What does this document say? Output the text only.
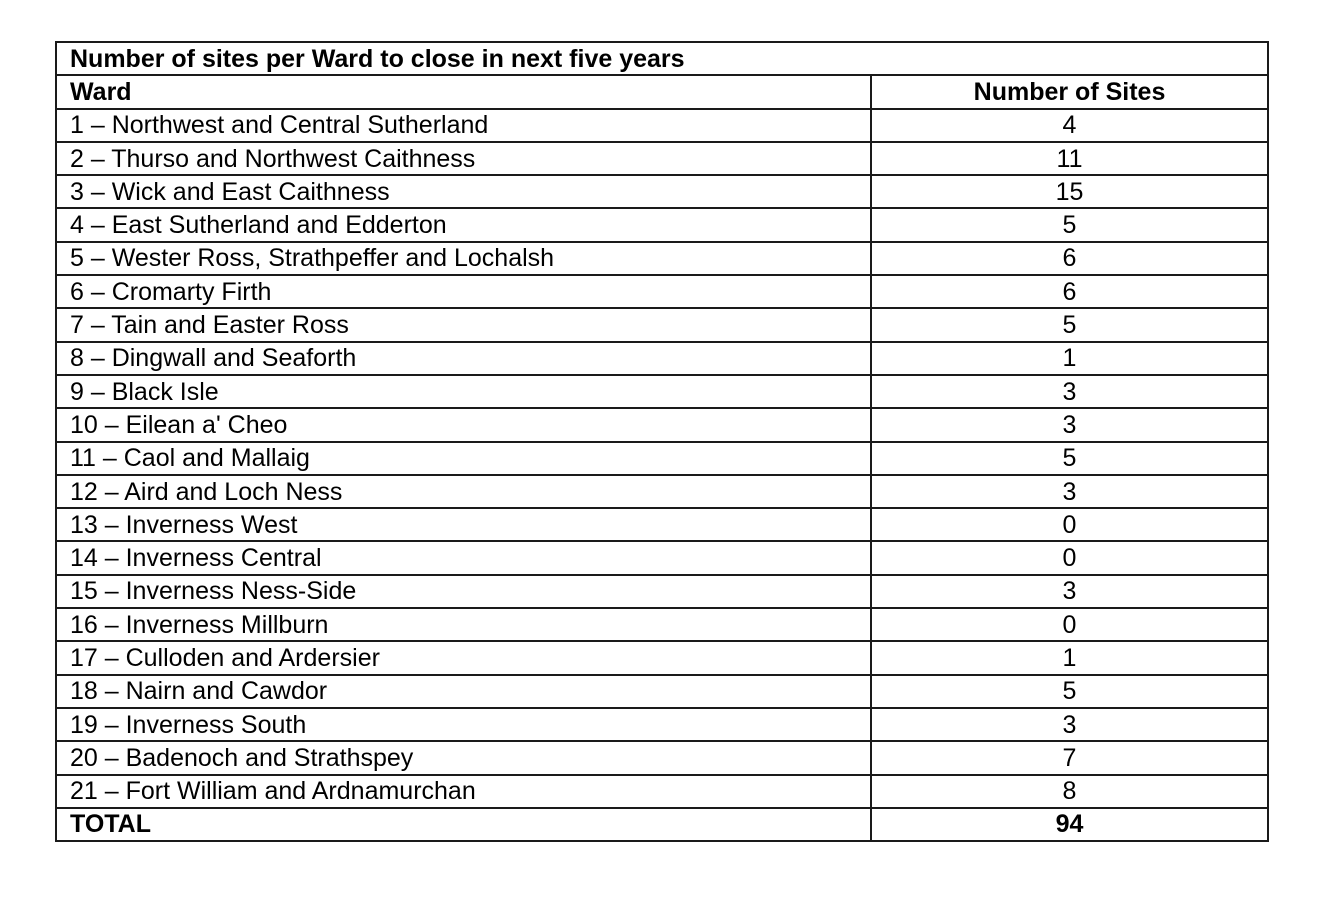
Number of sites per Ward to close in next five years	
Ward	Number of Sites
1 – Northwest and Central Sutherland	4
2 – Thurso and Northwest Caithness	11
3 – Wick and East Caithness	15
4 – East Sutherland and Edderton	5
5 – Wester Ross, Strathpeffer and Lochalsh	6
6 – Cromarty Firth	6
7 – Tain and Easter Ross	5
8 – Dingwall and Seaforth	1
9 – Black Isle	3
10 – Eilean a' Cheo	3
11 – Caol and Mallaig	5
12 – Aird and Loch Ness	3
13 – Inverness West	0
14 – Inverness Central	0
15 – Inverness Ness-Side	3
16 – Inverness Millburn	0
17 – Culloden and Ardersier	1
18 – Nairn and Cawdor	5
19 – Inverness South	3
20 – Badenoch and Strathspey	7
21 – Fort William and Ardnamurchan	8
TOTAL	94
